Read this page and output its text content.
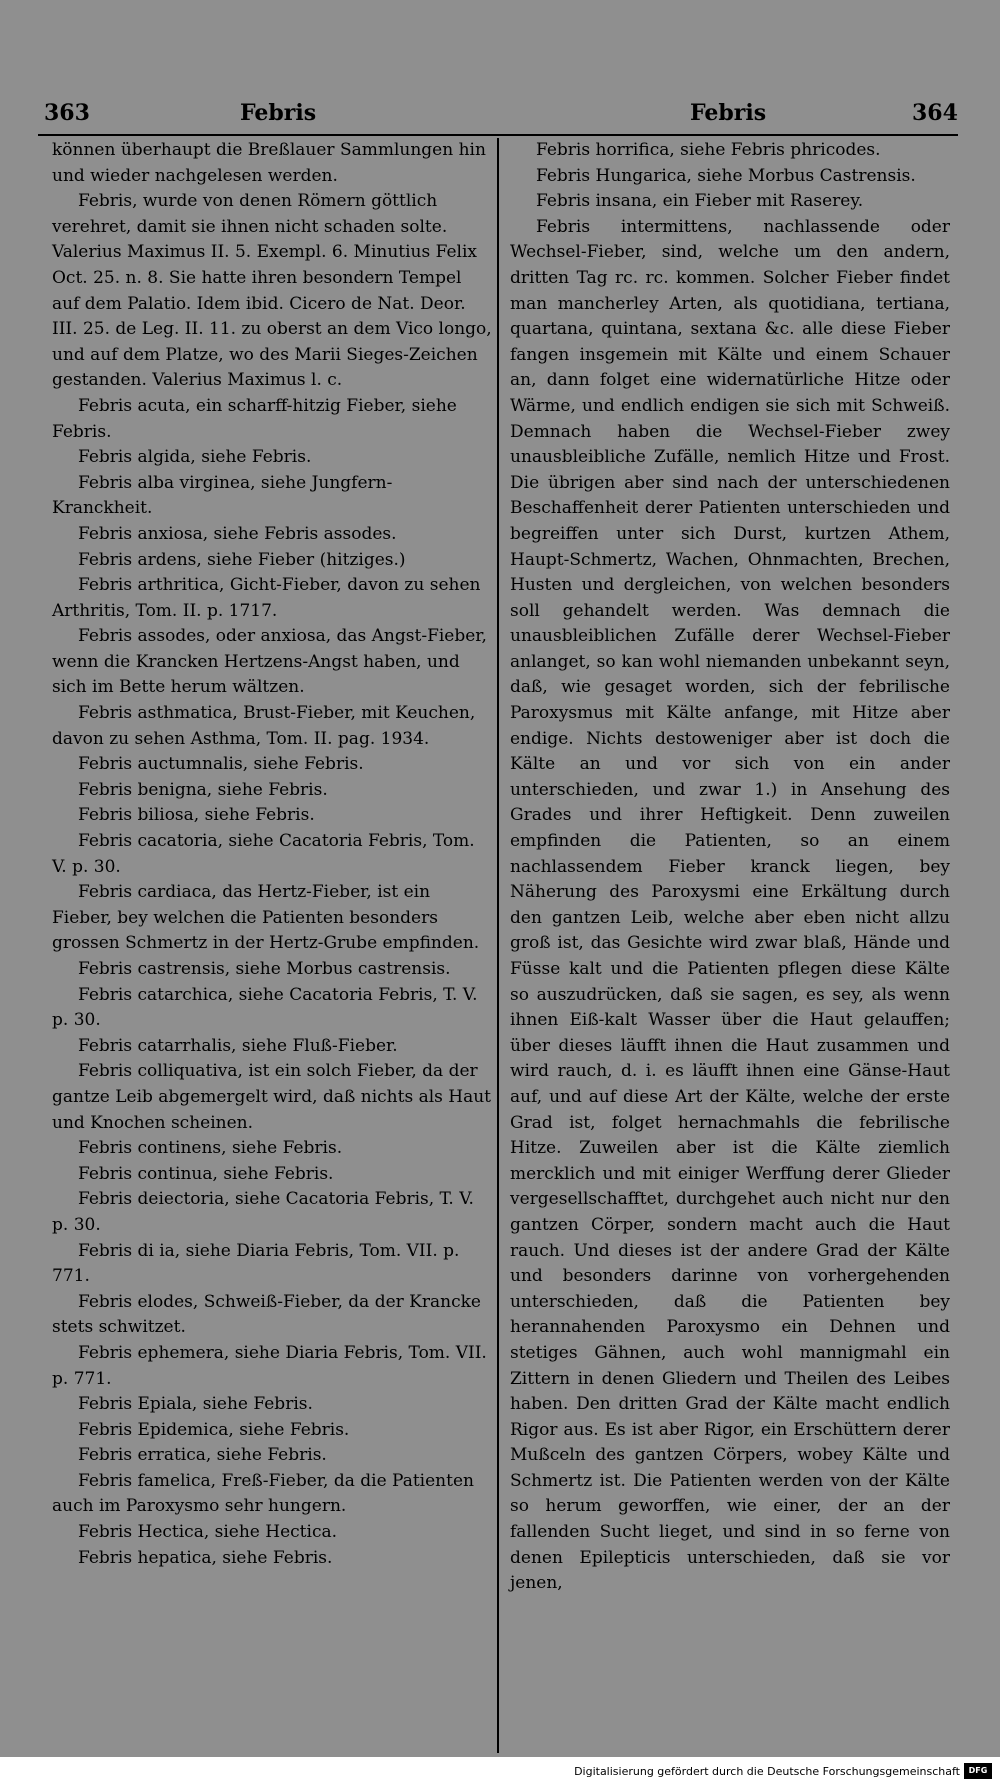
363	Febris	Febris	364

können überhaupt die Breßlauer Sammlungen hin und wieder nachgelesen werden.

Febris, wurde von denen Römern göttlich verehret, damit sie ihnen nicht schaden solte. Valerius Maximus II. 5. Exempl. 6. Minutius Felix Oct. 25. n. 8. Sie hatte ihren besondern Tempel auf dem Palatio. Idem ibid. Cicero de Nat. Deor. III. 25. de Leg. II. 11. zu oberst an dem Vico longo, und auf dem Platze, wo des Marii Sieges-Zeichen gestanden. Valerius Maximus l. c.

Febris acuta, ein scharff-hitzig Fieber, siehe Febris.

Febris algida, siehe Febris.

Febris alba virginea, siehe Jungfern-Kranckheit.

Febris anxiosa, siehe Febris assodes.

Febris ardens, siehe Fieber (hitziges.)

Febris arthritica, Gicht-Fieber, davon zu sehen Arthritis, Tom. II. p. 1717.

Febris assodes, oder anxiosa, das Angst-Fieber, wenn die Krancken Hertzens-Angst haben, und sich im Bette herum wältzen.

Febris asthmatica, Brust-Fieber, mit Keuchen, davon zu sehen Asthma, Tom. II. pag. 1934.

Febris auctumnalis, siehe Febris.

Febris benigna, siehe Febris.

Febris biliosa, siehe Febris.

Febris cacatoria, siehe Cacatoria Febris, Tom. V. p. 30.

Febris cardiaca, das Hertz-Fieber, ist ein Fieber, bey welchen die Patienten besonders grossen Schmertz in der Hertz-Grube empfinden.

Febris castrensis, siehe Morbus castrensis.

Febris catarchica, siehe Cacatoria Febris, T. V. p. 30.

Febris catarrhalis, siehe Fluß-Fieber.

Febris colliquativa, ist ein solch Fieber, da der gantze Leib abgemergelt wird, daß nichts als Haut und Knochen scheinen.

Febris continens, siehe Febris.

Febris continua, siehe Febris.

Febris deiectoria, siehe Cacatoria Febris, T. V. p. 30.

Febris di ia, siehe Diaria Febris, Tom. VII. p. 771.

Febris elodes, Schweiß-Fieber, da der Krancke stets schwitzet.

Febris ephemera, siehe Diaria Febris, Tom. VII. p. 771.

Febris Epiala, siehe Febris.

Febris Epidemica, siehe Febris.

Febris erratica, siehe Febris.

Febris famelica, Freß-Fieber, da die Patienten auch im Paroxysmo sehr hungern.

Febris Hectica, siehe Hectica.

Febris hepatica, siehe Febris.

Febris horrifica, siehe Febris phricodes.

Febris Hungarica, siehe Morbus Castrensis.

Febris insana, ein Fieber mit Raserey.

Febris intermittens, nachlassende oder Wechsel-Fieber, sind, welche um den andern, dritten Tag rc. rc. kommen. Solcher Fieber findet man mancherley Arten, als quotidiana, tertiana, quartana, quintana, sextana &c. alle diese Fieber fangen insgemein mit Kälte und einem Schauer an, dann folget eine widernatürliche Hitze oder Wärme, und endlich endigen sie sich mit Schweiß. Demnach haben die Wechsel-Fieber zwey unausbleibliche Zufälle, nemlich Hitze und Frost. Die übrigen aber sind nach der unterschiedenen Beschaffenheit derer Patienten unterschieden und begreiffen unter sich Durst, kurtzen Athem, Haupt-Schmertz, Wachen, Ohnmachten, Brechen, Husten und dergleichen, von welchen besonders soll gehandelt werden. Was demnach die unausbleiblichen Zufälle derer Wechsel-Fieber anlanget, so kan wohl niemanden unbekannt seyn, daß, wie gesaget worden, sich der febrilische Paroxysmus mit Kälte anfange, mit Hitze aber endige. Nichts destoweniger aber ist doch die Kälte an und vor sich von ein ander unterschieden, und zwar 1.) in Ansehung des Grades und ihrer Heftigkeit. Denn zuweilen empfinden die Patienten, so an einem nachlassendem Fieber kranck liegen, bey Näherung des Paroxysmi eine Erkältung durch den gantzen Leib, welche aber eben nicht allzu groß ist, das Gesichte wird zwar blaß, Hände und Füsse kalt und die Patienten pflegen diese Kälte so auszudrücken, daß sie sagen, es sey, als wenn ihnen Eiß-kalt Wasser über die Haut gelauffen; über dieses läufft ihnen die Haut zusammen und wird rauch, d. i. es läufft ihnen eine Gänse-Haut auf, und auf diese Art der Kälte, welche der erste Grad ist, folget hernachmahls die febrilische Hitze. Zuweilen aber ist die Kälte ziemlich mercklich und mit einiger Werffung derer Glieder vergesellschafftet, durchgehet auch nicht nur den gantzen Cörper, sondern macht auch die Haut rauch. Und dieses ist der andere Grad der Kälte und besonders darinne von vorhergehenden unterschieden, daß die Patienten bey herannahenden Paroxysmo ein Dehnen und stetiges Gähnen, auch wohl mannigmahl ein Zittern in denen Gliedern und Theilen des Leibes haben. Den dritten Grad der Kälte macht endlich Rigor aus. Es ist aber Rigor, ein Erschüttern derer Mußceln des gantzen Cörpers, wobey Kälte und Schmertz ist. Die Patienten werden von der Kälte so herum geworffen, wie einer, der an der fallenden Sucht lieget, und sind in so ferne von denen Epilepticis unterschieden, daß sie vor jenen,

Digitalisierung gefördert durch die Deutsche Forschungsgemeinschaft	DFG
